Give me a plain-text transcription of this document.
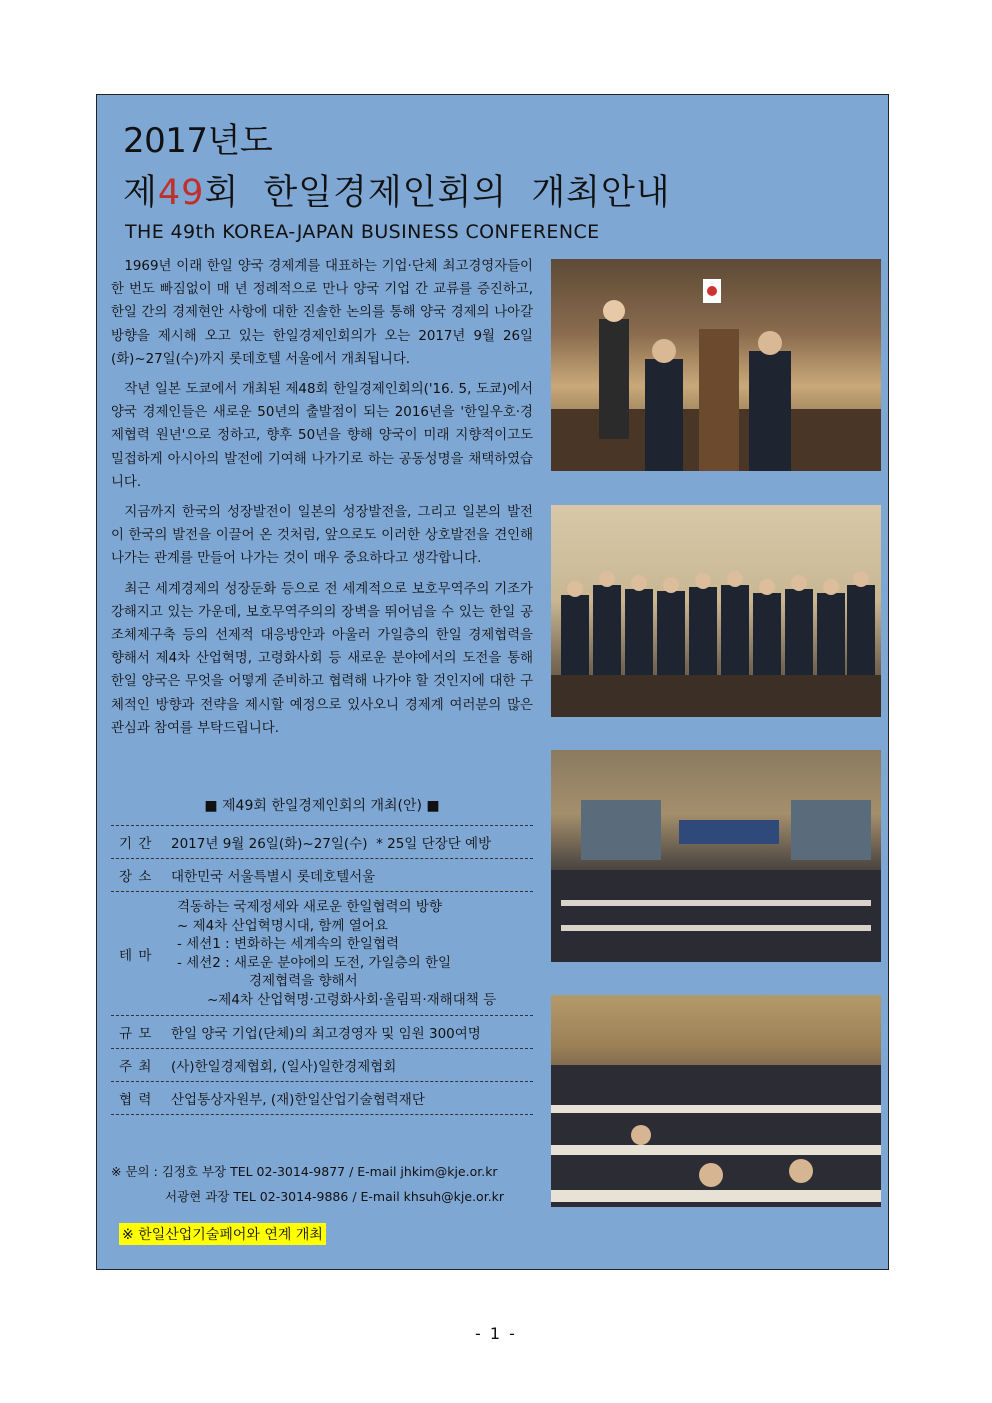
2017년도
제49회  한일경제인회의  개최안내
THE 49th KOREA-JAPAN BUSINESS CONFERENCE

1969년 이래 한일 양국 경제계를 대표하는 기업·단체 최고경영자들이 한 번도 빠짐없이 매 년 정례적으로 만나 양국 기업 간 교류를 증진하고, 한일 간의 경제현안 사항에 대한 진솔한 논의를 통해 양국 경제의 나아갈 방향을 제시해 오고 있는 한일경제인회의가 오는 2017년 9월 26일(화)~27일(수)까지 롯데호텔 서울에서 개최됩니다.

작년 일본 도쿄에서 개최된 제48회 한일경제인회의('16. 5, 도쿄)에서 양국 경제인들은 새로운 50년의 출발점이 되는 2016년을 '한일우호·경제협력 원년'으로 정하고, 향후 50년을 향해 양국이 미래 지향적이고도 밀접하게 아시아의 발전에 기여해 나가기로 하는 공동성명을 채택하였습니다.

지금까지 한국의 성장발전이 일본의 성장발전을, 그리고 일본의 발전이 한국의 발전을 이끌어 온 것처럼, 앞으로도 이러한 상호발전을 견인해 나가는 관계를 만들어 나가는 것이 매우 중요하다고 생각합니다.

최근 세계경제의 성장둔화 등으로 전 세계적으로 보호무역주의 기조가 강해지고 있는 가운데, 보호무역주의의 장벽을 뛰어넘을 수 있는 한일 공조체제구축 등의 선제적 대응방안과 아울러 가일층의 한일 경제협력을 향해서 제4차 산업혁명, 고령화사회 등 새로운 분야에서의 도전을 통해 한일 양국은 무엇을 어떻게 준비하고 협력해 나가야 할 것인지에 대한 구체적인 방향과 전략을 제시할 예정으로 있사오니 경제계 여러분의 많은 관심과 참여를 부탁드립니다.

■ 제49회 한일경제인회의 개최(안) ■
기 간	2017년 9월 26일(화)~27일(수)  * 25일 단장단 예방
장 소	대한민국 서울특별시 롯데호텔서울
테 마
격동하는 국제정세와 새로운 한일협력의 방향
~ 제4차 산업혁명시대, 함께 열어요
- 세션1 : 변화하는 세계속의 한일협력
- 세션2 : 새로운 분야에의 도전, 가일층의 한일
경제협력을 향해서
~제4차 산업혁명·고령화사회·올림픽·재해대책 등
규 모	한일 양국 기업(단체)의 최고경영자 및 임원 300여명
주 최	(사)한일경제협회, (일사)일한경제협회
협 력	산업통상자원부, (재)한일산업기술협력재단
※ 문의 : 김정호 부장 TEL 02-3014-9877 / E-mail jhkim@kje.or.kr
서광현 과장 TEL 02-3014-9886 / E-mail khsuh@kje.or.kr
※ 한일산업기술페어와 연계 개최
- 1 -
